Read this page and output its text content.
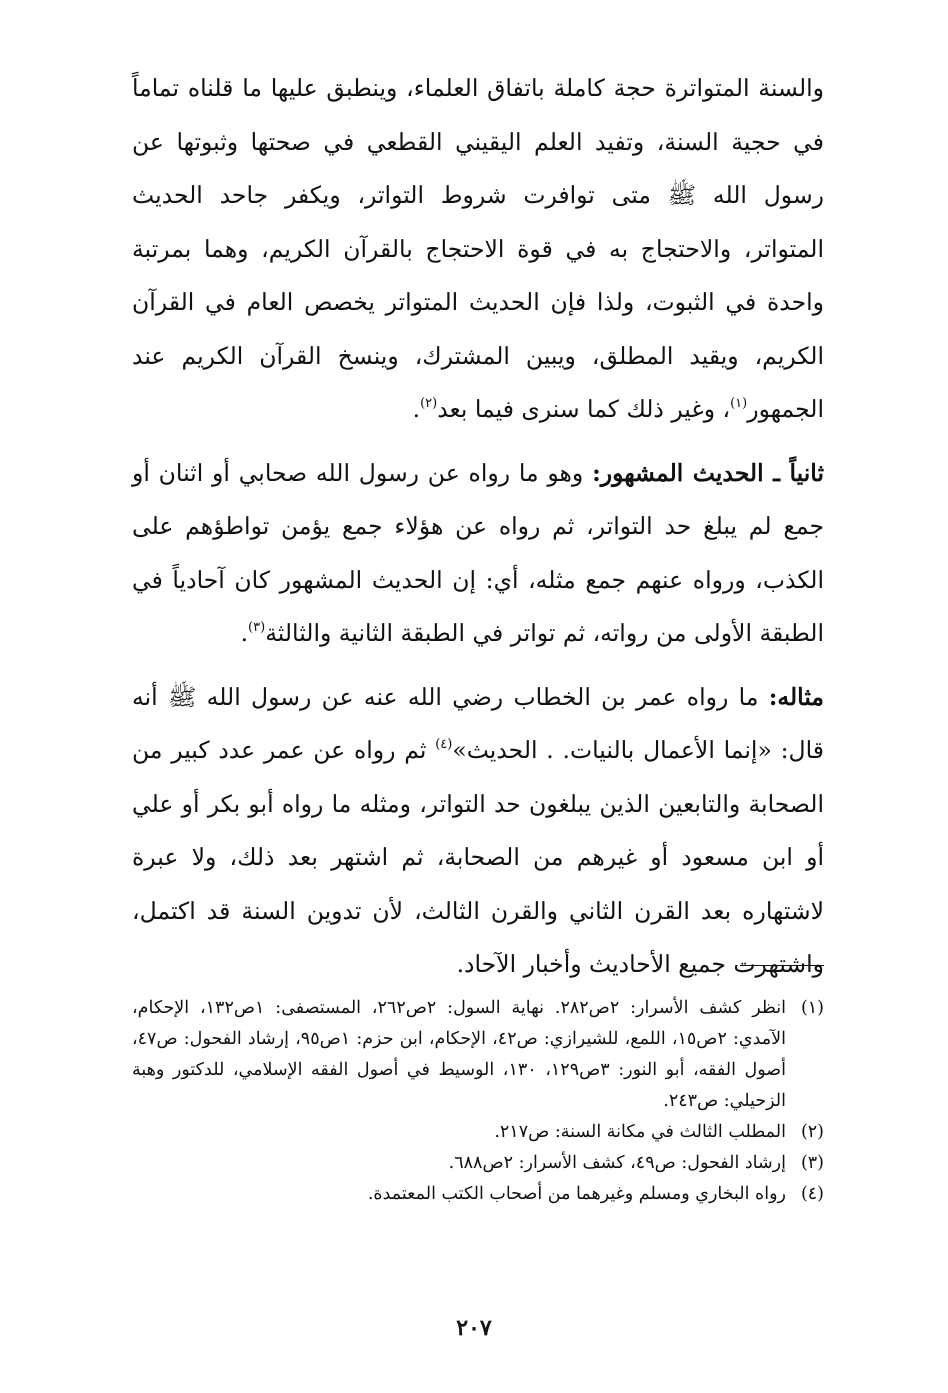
والسنة المتواترة حجة كاملة باتفاق العلماء، وينطبق عليها ما قلناه تماماً في حجية السنة، وتفيد العلم اليقيني القطعي في صحتها وثبوتها عن رسول الله ﷺ متى توافرت شروط التواتر، ويكفر جاحد الحديث المتواتر، والاحتجاج به في قوة الاحتجاج بالقرآن الكريم، وهما بمرتبة واحدة في الثبوت، ولذا فإن الحديث المتواتر يخصص العام في القرآن الكريم، ويقيد المطلق، ويبين المشترك، وينسخ القرآن الكريم عند الجمهور$^{(١)}$، وغير ذلك كما سنرى فيما بعد$^{(٢)}$.

ثانياً ـ الحديث المشهور: وهو ما رواه عن رسول الله صحابي أو اثنان أو جمع لم يبلغ حد التواتر، ثم رواه عن هؤلاء جمع يؤمن تواطؤهم على الكذب، ورواه عنهم جمع مثله، أي: إن الحديث المشهور كان آحادياً في الطبقة الأولى من رواته، ثم تواتر في الطبقة الثانية والثالثة$^{(٣)}$.

مثاله: ما رواه عمر بن الخطاب رضي الله عنه عن رسول الله ﷺ أنه قال: «إنما الأعمال بالنيات. . الحديث»$^{(٤)}$ ثم رواه عن عمر عدد كبير من الصحابة والتابعين الذين يبلغون حد التواتر، ومثله ما رواه أبو بكر أو علي أو ابن مسعود أو غيرهم من الصحابة، ثم اشتهر بعد ذلك، ولا عبرة لاشتهاره بعد القرن الثاني والقرن الثالث، لأن تدوين السنة قد اكتمل، واشتهرت جميع الأحاديث وأخبار الآحاد.

(١)
انظر كشف الأسرار: ٢ص٢٨٢. نهاية السول: ٢ص٢٦٢، المستصفى: ١ص١٣٢، الإحكام، الآمدي: ٢ص١٥، اللمع، للشيرازي: ص٤٢، الإحكام، ابن حزم: ١ص٩٥، إرشاد الفحول: ص٤٧، أصول الفقه، أبو النور: ٣ص١٢٩، ١٣٠، الوسيط في أصول الفقه الإسلامي، للدكتور وهبة الزحيلي: ص٢٤٣.
(٢)
المطلب الثالث في مكانة السنة: ص٢١٧.
(٣)
إرشاد الفحول: ص٤٩، كشف الأسرار: ٢ص٦٨٨.
(٤)
رواه البخاري ومسلم وغيرهما من أصحاب الكتب المعتمدة.
٢٠٧
